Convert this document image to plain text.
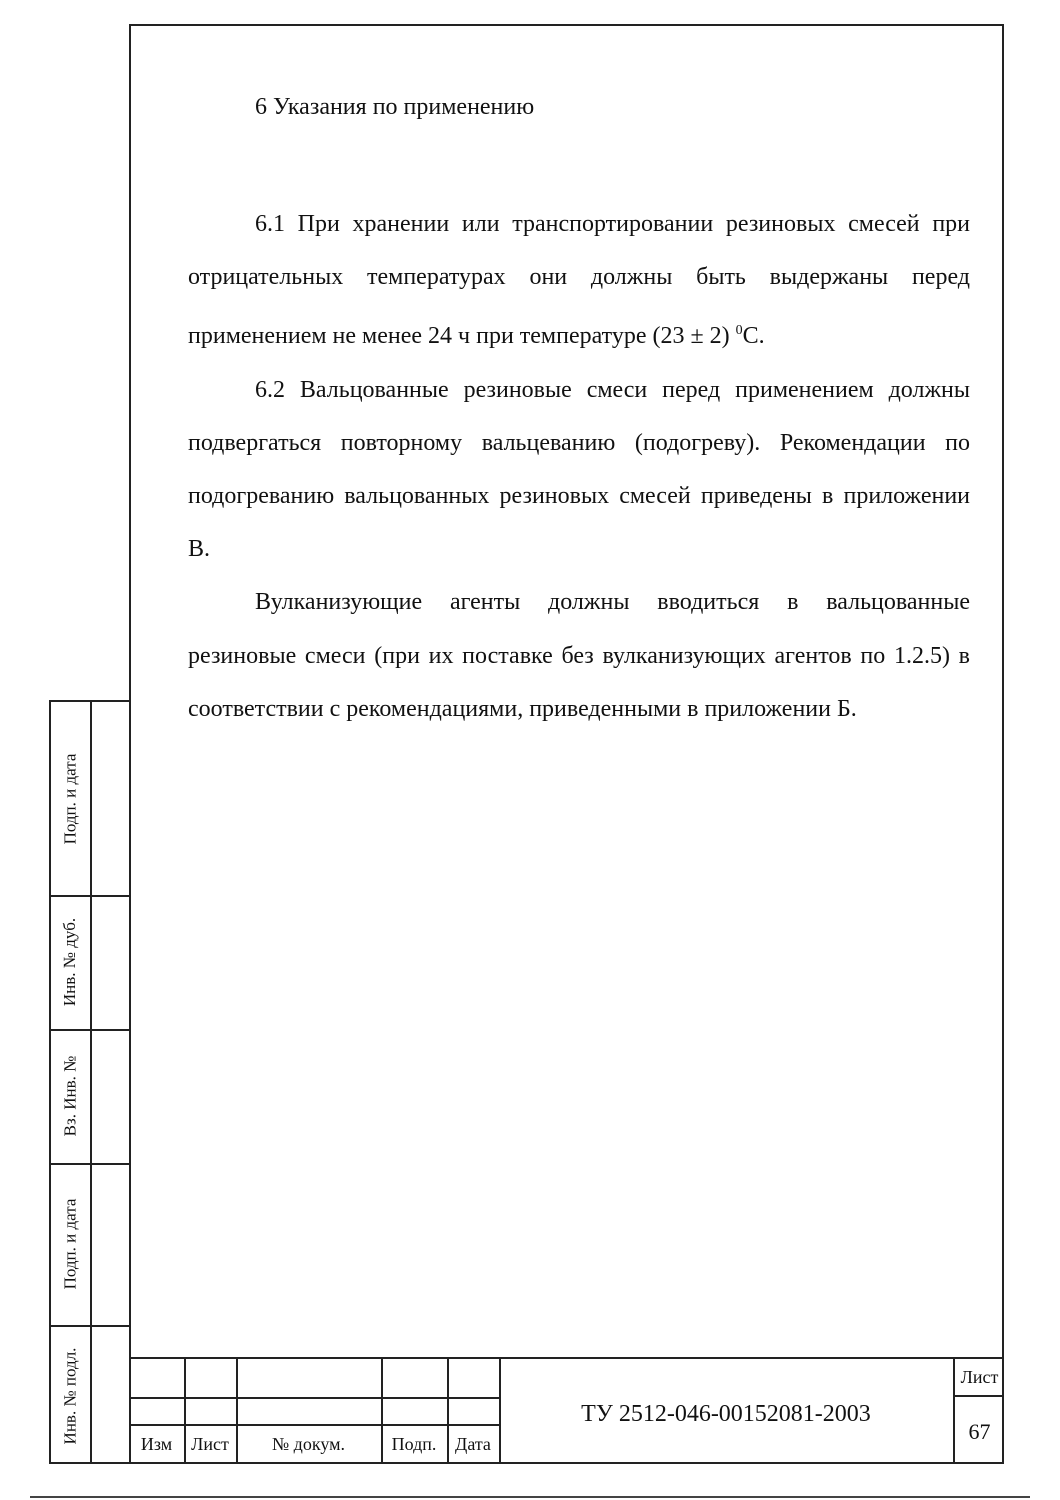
6 Указания по применению

6.1 При хранении или транспортировании резиновых смесей при отрицательных температурах они должны быть выдержаны перед применением не менее 24 ч при температуре (23 ± 2) $^0$С.

6.2 Вальцованные резиновые смеси перед применением должны подвергаться повторному вальцеванию (подогреву). Рекомендации по подогреванию вальцованных резиновых смесей приведены в приложении В.

Вулканизующие агенты должны вводиться в вальцованные резиновые смеси (при их поставке без вулканизующих агентов по 1.2.5) в соответствии с рекомендациями, приведенными в приложении Б.

Подп. и дата
Инв. № дуб.
Вз. Инв. №
Подп. и дата
Инв. № подл.
Изм	Лист	№ докум.	Подп.	Дата
ТУ 2512-046-00152081-2003
Лист
67
